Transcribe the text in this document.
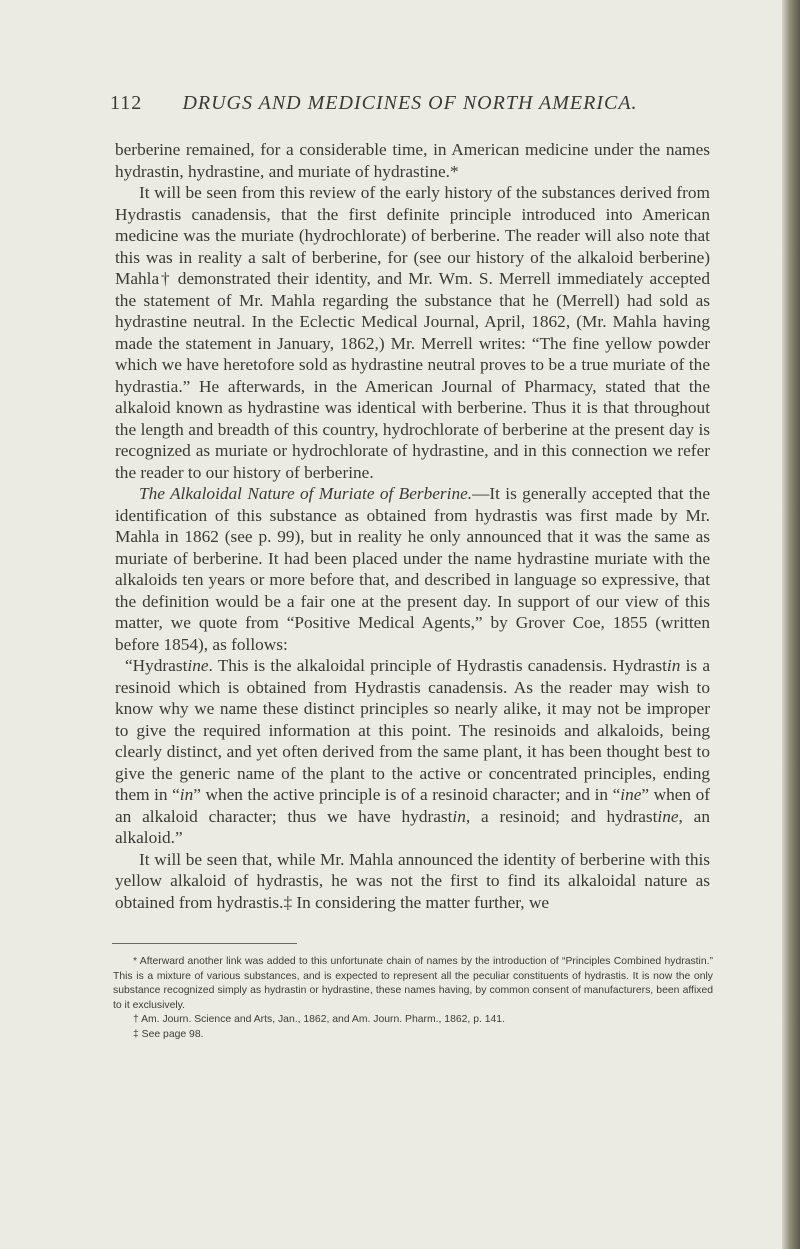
112	DRUGS AND MEDICINES OF NORTH AMERICA.

berberine remained, for a considerable time, in American medicine under the names hydrastin, hydrastine, and muriate of hydrastine.*

It will be seen from this review of the early history of the substances derived from Hydrastis canadensis, that the first definite principle introduced into American medicine was the muriate (hydrochlorate) of berberine. The reader will also note that this was in reality a salt of berberine, for (see our history of the alkaloid berberine) Mahla† demonstrated their identity, and Mr. Wm. S. Merrell immediately accepted the statement of Mr. Mahla regarding the substance that he (Merrell) had sold as hydrastine neutral. In the Eclectic Medical Journal, April, 1862, (Mr. Mahla having made the statement in January, 1862,) Mr. Merrell writes: “The fine yellow powder which we have heretofore sold as hydrastine neutral proves to be a true muriate of the hydrastia.” He afterwards, in the American Journal of Pharmacy, stated that the alkaloid known as hydrastine was identical with berberine. Thus it is that throughout the length and breadth of this country, hydrochlorate of berberine at the present day is recognized as muriate or hydrochlorate of hydrastine, and in this connection we refer the reader to our history of berberine.

The Alkaloidal Nature of Muriate of Berberine.—It is generally accepted that the identification of this substance as obtained from hydrastis was first made by Mr. Mahla in 1862 (see p. 99), but in reality he only announced that it was the same as muriate of berberine. It had been placed under the name hydrastine muriate with the alkaloids ten years or more before that, and described in language so expressive, that the definition would be a fair one at the present day. In support of our view of this matter, we quote from “Positive Medical Agents,” by Grover Coe, 1855 (written before 1854), as follows:

“Hydrastine. This is the alkaloidal principle of Hydrastis canadensis. Hydrastin is a resinoid which is obtained from Hydrastis canadensis. As the reader may wish to know why we name these distinct principles so nearly alike, it may not be improper to give the required information at this point. The resinoids and alkaloids, being clearly distinct, and yet often derived from the same plant, it has been thought best to give the generic name of the plant to the active or concentrated principles, ending them in “in” when the active principle is of a resinoid character; and in “ine” when of an alkaloid character; thus we have hydrastin, a resinoid; and hydrastine, an alkaloid.”

It will be seen that, while Mr. Mahla announced the identity of berberine with this yellow alkaloid of hydrastis, he was not the first to find its alkaloidal nature as obtained from hydrastis.‡ In considering the matter further, we

* Afterward another link was added to this unfortunate chain of names by the introduction of “Principles Combined hydrastin.” This is a mixture of various substances, and is expected to represent all the peculiar constituents of hydrastis. It is now the only substance recognized simply as hydrastin or hydrastine, these names having, by common consent of manufacturers, been affixed to it exclusively.

† Am. Journ. Science and Arts, Jan., 1862, and Am. Journ. Pharm., 1862, p. 141.

‡ See page 98.
